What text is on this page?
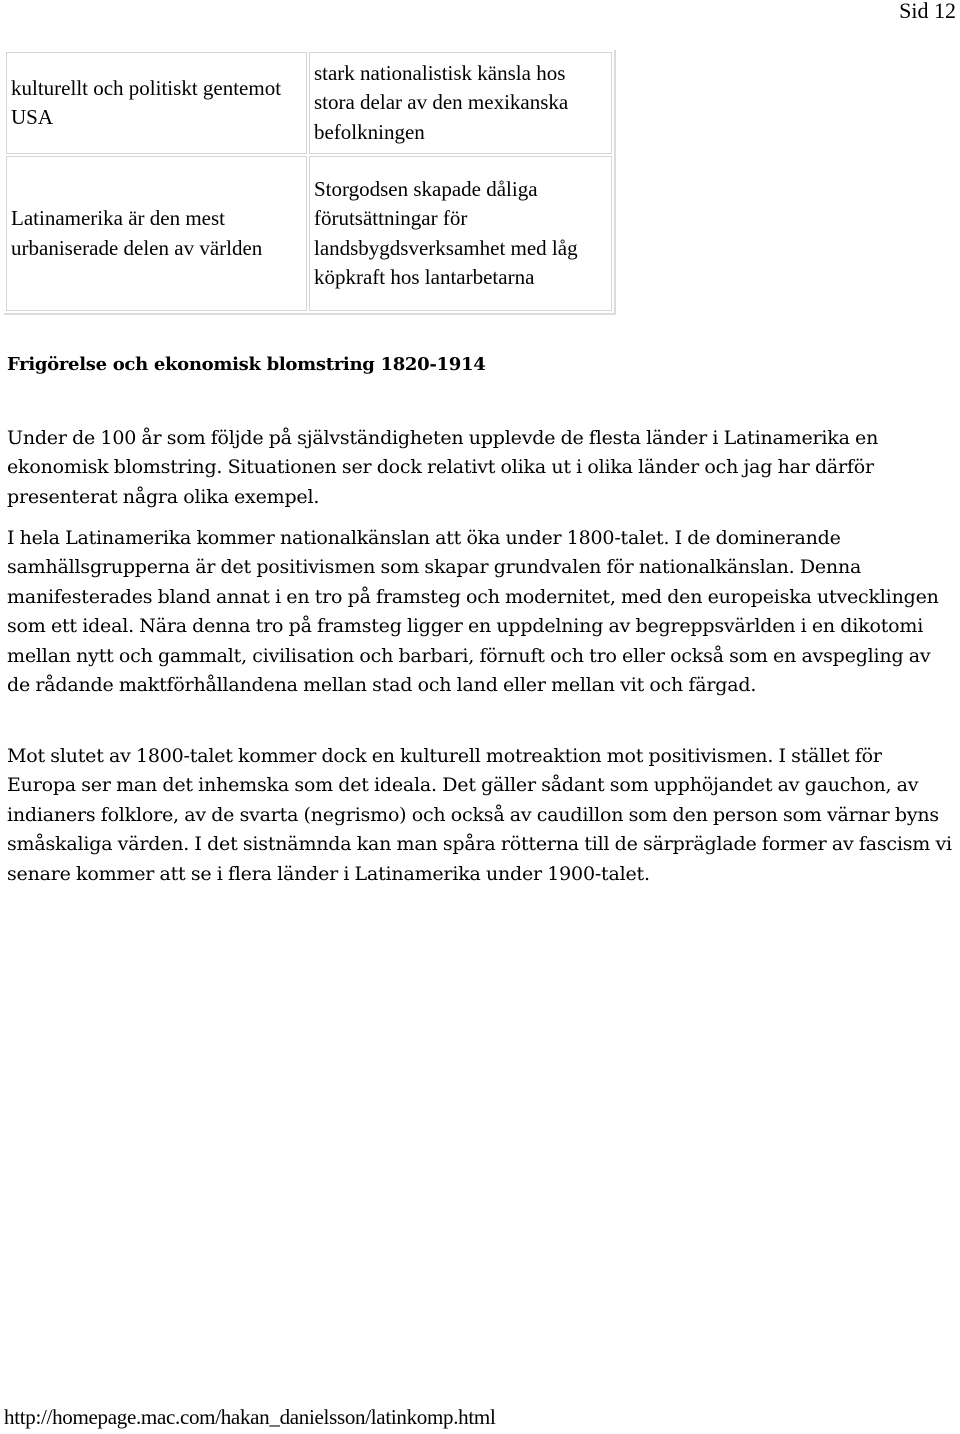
Sid 12
kulturellt och politiskt gentemot USA	stark nationalistisk känsla hos stora delar av den mexikanska befolkningen
Latinamerika är den mest urbaniserade delen av världen	Storgodsen skapade dåliga förutsättningar för landsbygdsverksamhet med låg köpkraft hos lantarbetarna
Frigörelse och ekonomisk blomstring 1820-1914

Under de 100 år som följde på självständigheten upplevde de flesta länder i Latinamerika en ekonomisk blomstring. Situationen ser dock relativt olika ut i olika länder och jag har därför presenterat några olika exempel.

I hela Latinamerika kommer nationalkänslan att öka under 1800-talet. I de dominerande samhällsgrupperna är det positivismen som skapar grundvalen för nationalkänslan. Denna manifesterades bland annat i en tro på framsteg och modernitet, med den europeiska utvecklingen som ett ideal. Nära denna tro på framsteg ligger en uppdelning av begreppsvärlden i en dikotomi mellan nytt och gammalt, civilisation och barbari, förnuft och tro eller också som en avspegling av de rådande maktförhållandena mellan stad och land eller mellan vit och färgad.

Mot slutet av 1800-talet kommer dock en kulturell motreaktion mot positivismen. I stället för Europa ser man det inhemska som det ideala. Det gäller sådant som upphöjandet av gauchon, av indianers folklore, av de svarta (negrismo) och också av caudillon som den person som värnar byns småskaliga värden. I det sistnämnda kan man spåra rötterna till de särpräglade former av fascism vi senare kommer att se i flera länder i Latinamerika under 1900-talet.

http://homepage.mac.com/hakan_danielsson/latinkomp.html
